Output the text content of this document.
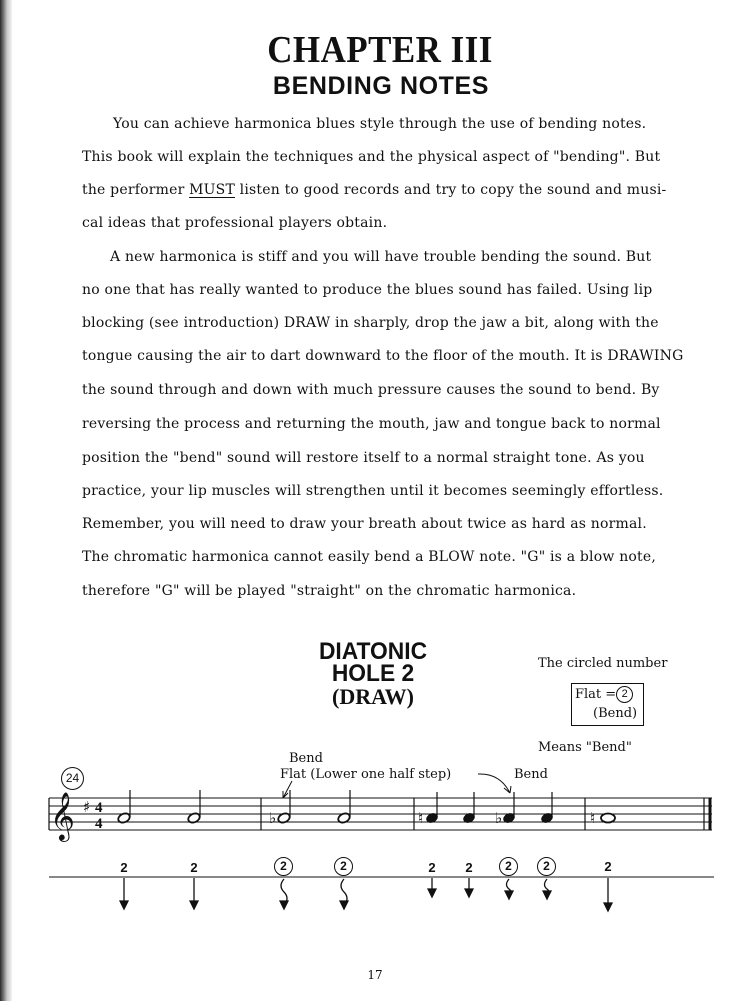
CHAPTER III
BENDING NOTES
You can achieve harmonica blues style through the use of bending notes.
This book will explain the techniques and the physical aspect of "bending". But
the performer MUST listen to good records and try to copy the sound and musi-
cal ideas that professional players obtain.
A new harmonica is stiff and you will have trouble bending the sound. But
no one that has really wanted to produce the blues sound has failed. Using lip
blocking (see introduction) DRAW in sharply, drop the jaw a bit, along with the
tongue causing the air to dart downward to the floor of the mouth. It is DRAWING
the sound through and down with much pressure causes the sound to bend. By
reversing the process and returning the mouth, jaw and tongue back to normal
position the "bend" sound will restore itself to a normal straight tone. As you
practice, your lip muscles will strengthen until it becomes seemingly effortless.
Remember, you will need to draw your breath about twice as hard as normal.
The chromatic harmonica cannot easily bend a BLOW note. "G" is a blow note,
therefore "G" will be played "straight" on the chromatic harmonica.
DIATONIC
HOLE 2
(DRAW)
The circled number
Flat = 2
(Bend)
Means "Bend"
Bend
Flat (Lower one half step)	Bend
24
𝄞 ♯ 4
4	♭	♮	♭	♮
2	2	2	2	2	2	2	2	2
17
